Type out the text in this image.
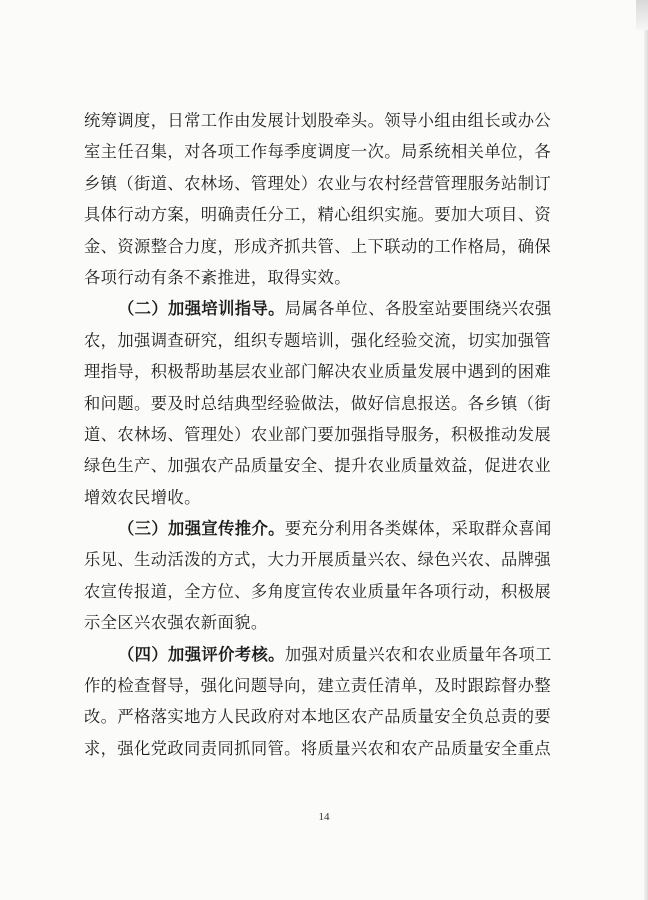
统筹调度，日常工作由发展计划股牵头。领导小组由组长或办公
室主任召集，对各项工作每季度调度一次。局系统相关单位，各
乡镇（街道、农林场、管理处）农业与农村经营管理服务站制订
具体行动方案，明确责任分工，精心组织实施。要加大项目、资
金、资源整合力度，形成齐抓共管、上下联动的工作格局，确保
各项行动有条不紊推进，取得实效。
（二）加强培训指导。局属各单位、各股室站要围绕兴农强
农，加强调查研究，组织专题培训，强化经验交流，切实加强管
理指导，积极帮助基层农业部门解决农业质量发展中遇到的困难
和问题。要及时总结典型经验做法，做好信息报送。各乡镇（街
道、农林场、管理处）农业部门要加强指导服务，积极推动发展
绿色生产、加强农产品质量安全、提升农业质量效益，促进农业
增效农民增收。
（三）加强宣传推介。要充分利用各类媒体，采取群众喜闻
乐见、生动活泼的方式，大力开展质量兴农、绿色兴农、品牌强
农宣传报道，全方位、多角度宣传农业质量年各项行动，积极展
示全区兴农强农新面貌。
（四）加强评价考核。加强对质量兴农和农业质量年各项工
作的检查督导，强化问题导向，建立责任清单，及时跟踪督办整
改。严格落实地方人民政府对本地区农产品质量安全负总责的要
求，强化党政同责同抓同管。将质量兴农和农产品质量安全重点
14
